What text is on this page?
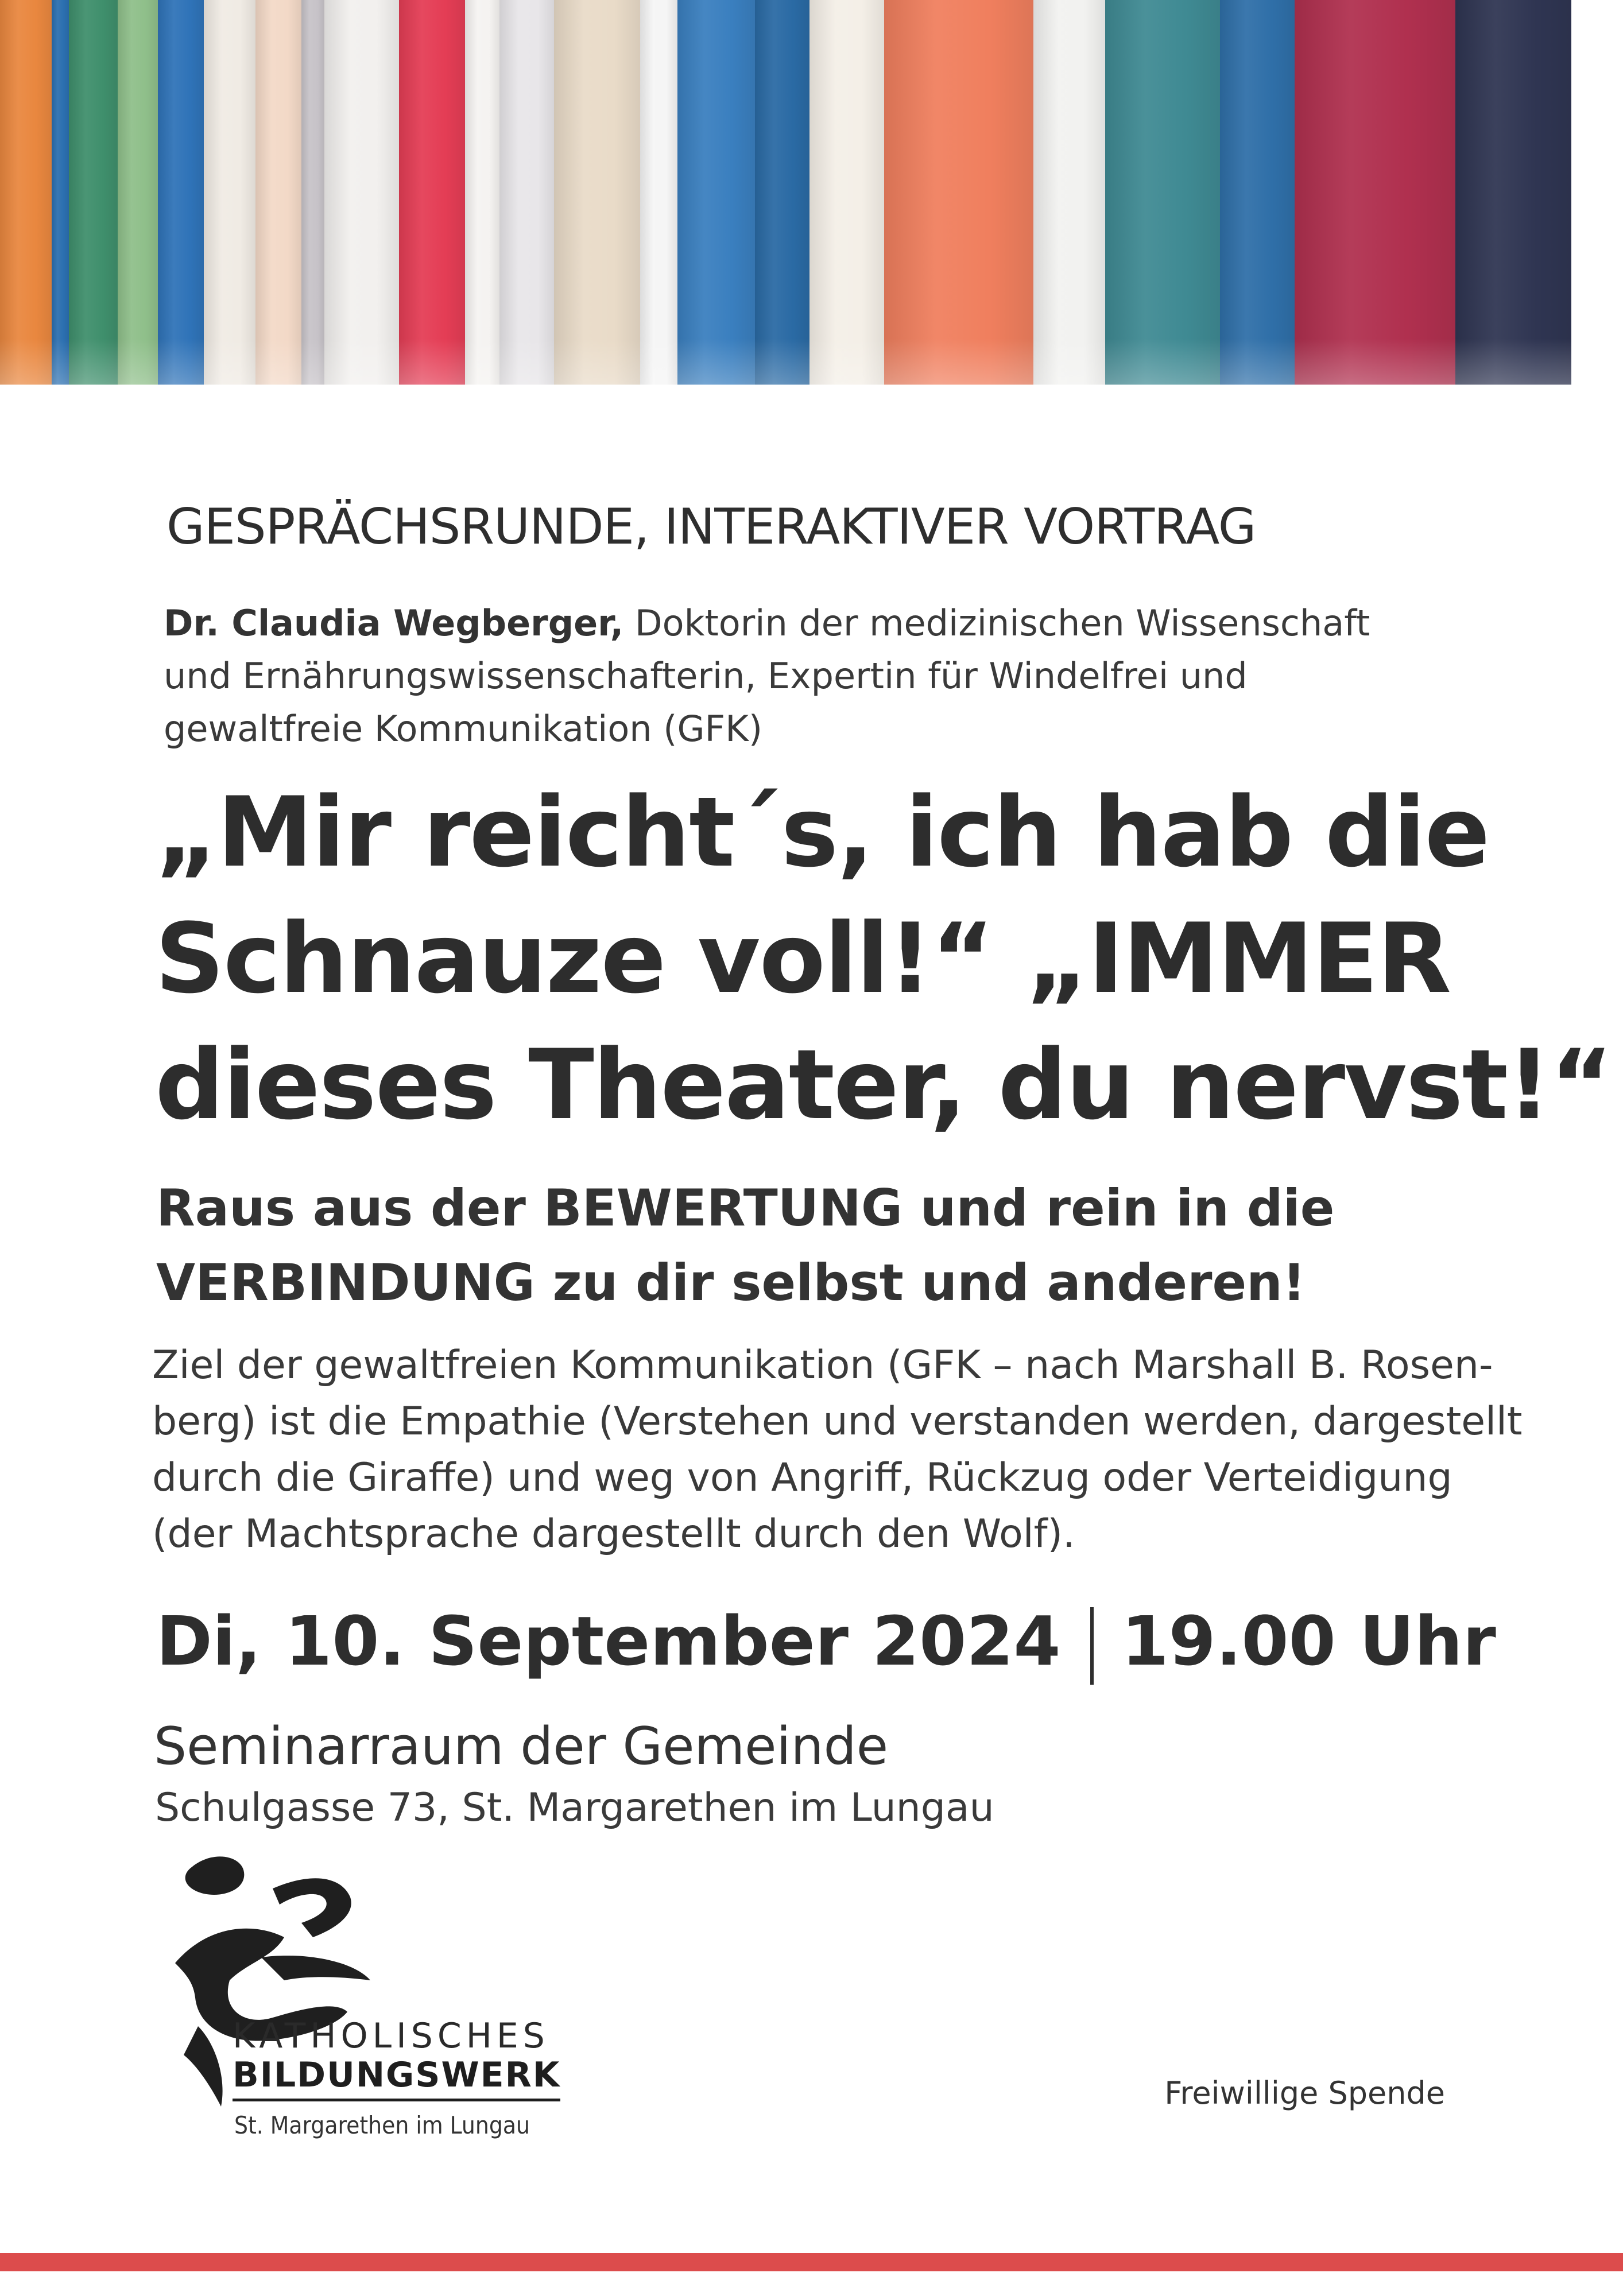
GESPRÄCHSRUNDE, INTERAKTIVER VORTRAG
Dr. Claudia Wegberger, Doktorin der medizinischen Wissenschaft
und Ernährungswissenschafterin, Expertin für Windelfrei und
gewaltfreie Kommunikation (GFK)
„Mir reicht´s, ich hab die
Schnauze voll!“ „IMMER
dieses Theater, du nervst!“
Raus aus der BEWERTUNG und rein in die
VERBINDUNG zu dir selbst und anderen!
Ziel der gewaltfreien Kommunikation (GFK – nach Marshall B. Rosen-
berg) ist die Empathie (Verstehen und verstanden werden, dargestellt
durch die Giraffe) und weg von Angriff, Rückzug oder Verteidigung
(der Machtsprache dargestellt durch den Wolf).
Di, 10. September 2024 19.00 Uhr
Seminarraum der Gemeinde
Schulgasse 73, St. Margarethen im Lungau
KATHOLISCHES
BILDUNGSWERK
St. Margarethen im Lungau
Freiwillige Spende
